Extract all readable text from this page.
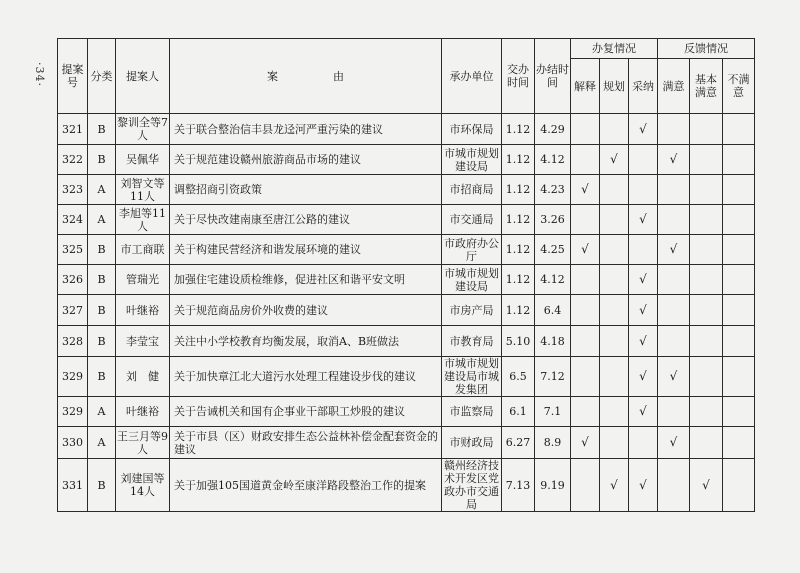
·34· 提案号	分类	提案人	案　　　　　由	承办单位	交办时间	办结时间	办复情况			反馈情况		
							解释	规划	采纳	满意	基本满意	不满意
321	B	黎训全等7人	关于联合整治信丰县龙迳河严重污染的建议	市环保局	1.12	4.29			√			
322	B	吴佩华	关于规范建设赣州旅游商品市场的建议	市城市规划建设局	1.12	4.12		√		√		
323	A	刘智文等11人	调整招商引资政策	市招商局	1.12	4.23	√					
324	A	李旭等11人	关于尽快改建南康至唐江公路的建议	市交通局	1.12	3.26			√			
325	B	市工商联	关于构建民营经济和谐发展环境的建议	市政府办公厅	1.12	4.25	√			√		
326	B	管瑞光	加强住宅建设质检维修，促进社区和谐平安文明	市城市规划建设局	1.12	4.12			√			
327	B	叶继裕	关于规范商品房价外收费的建议	市房产局	1.12	6.4			√			
328	B	李莹宝	关注中小学校教育均衡发展，取消A、B班做法	市教育局	5.10	4.18			√			
329	B	刘　健	关于加快章江北大道污水处理工程建设步伐的建议	市城市规划建设局市城发集团	6.5	7.12			√	√		
329	A	叶继裕	关于告诫机关和国有企事业干部职工炒股的建议	市监察局	6.1	7.1			√			
330	A	王三月等9人	关于市县（区）财政安排生态公益林补偿金配套资金的建议	市财政局	6.27	8.9	√			√		
331	B	刘建国等14人	关于加强105国道黄金岭至康洋路段整治工作的提案	赣州经济技术开发区党政办市交通局	7.13	9.19		√	√		√	
